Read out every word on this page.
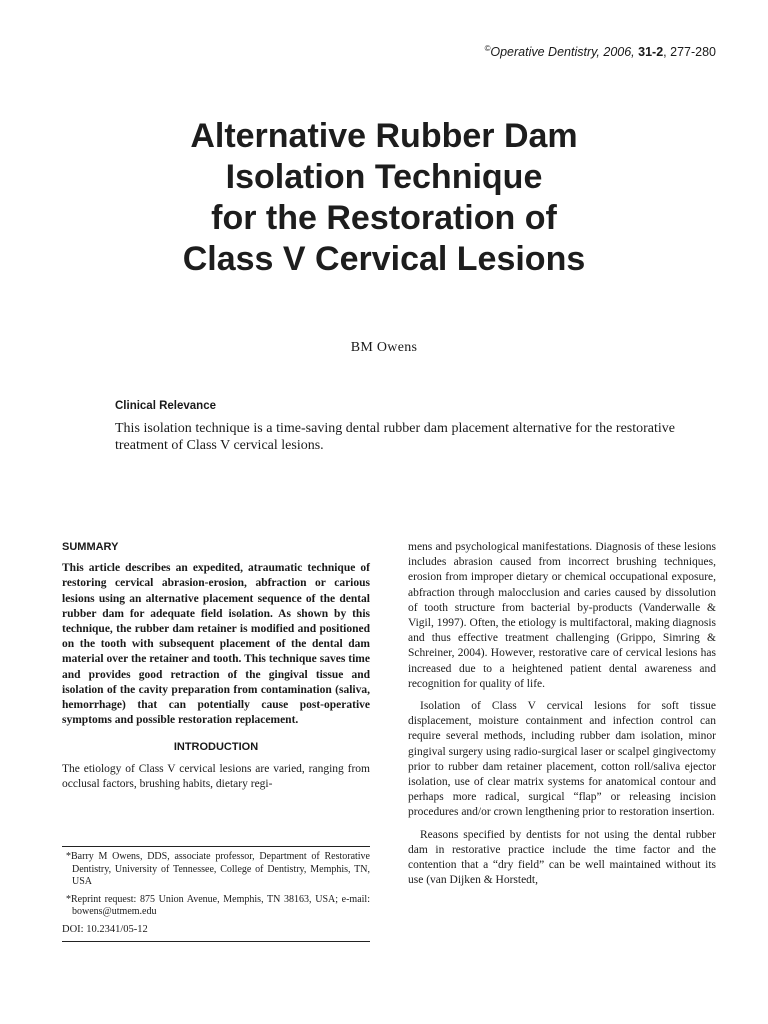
©Operative Dentistry, 2006, 31-2, 277-280
Alternative Rubber Dam
Isolation Technique
for the Restoration of
Class V Cervical Lesions
BM Owens
Clinical Relevance

This isolation technique is a time-saving dental rubber dam placement alternative for the restorative treatment of Class V cervical lesions.

SUMMARY

This article describes an expedited, atraumatic technique of restoring cervical abrasion-erosion, abfraction or carious lesions using an alternative placement sequence of the dental rubber dam for adequate field isolation. As shown by this technique, the rubber dam retainer is modified and positioned on the tooth with subsequent placement of the dental dam material over the retainer and tooth. This technique saves time and provides good retraction of the gingival tissue and isolation of the cavity preparation from contamination (saliva, hemorrhage) that can potentially cause post-operative symptoms and possible restoration replacement.

INTRODUCTION

The etiology of Class V cervical lesions are varied, ranging from occlusal factors, brushing habits, dietary regi-

mens and psychological manifestations. Diagnosis of these lesions includes abrasion caused from incorrect brushing techniques, erosion from improper dietary or chemical occupational exposure, abfraction through malocclusion and caries caused by dissolution of tooth structure from bacterial by-products (Vanderwalle & Vigil, 1997). Often, the etiology is multifactoral, making diagnosis and thus effective treatment challenging (Grippo, Simring & Schreiner, 2004). However, restorative care of cervical lesions has increased due to a heightened patient dental awareness and recognition for quality of life.

Isolation of Class V cervical lesions for soft tissue displacement, moisture containment and infection control can require several methods, including rubber dam isolation, minor gingival surgery using radio-surgical laser or scalpel gingivectomy prior to rubber dam retainer placement, cotton roll/saliva ejector isolation, use of clear matrix systems for anatomical contour and perhaps more radical, surgical “flap” or releasing incision procedures and/or crown lengthening prior to restoration insertion.

Reasons specified by dentists for not using the dental rubber dam in restorative practice include the time factor and the contention that a “dry field” can be well maintained without its use (van Dijken & Horstedt,

*Barry M Owens, DDS, associate professor, Department of Restorative Dentistry, University of Tennessee, College of Dentistry, Memphis, TN, USA

*Reprint request: 875 Union Avenue, Memphis, TN 38163, USA; e-mail: bowens@utmem.edu

DOI: 10.2341/05-12
